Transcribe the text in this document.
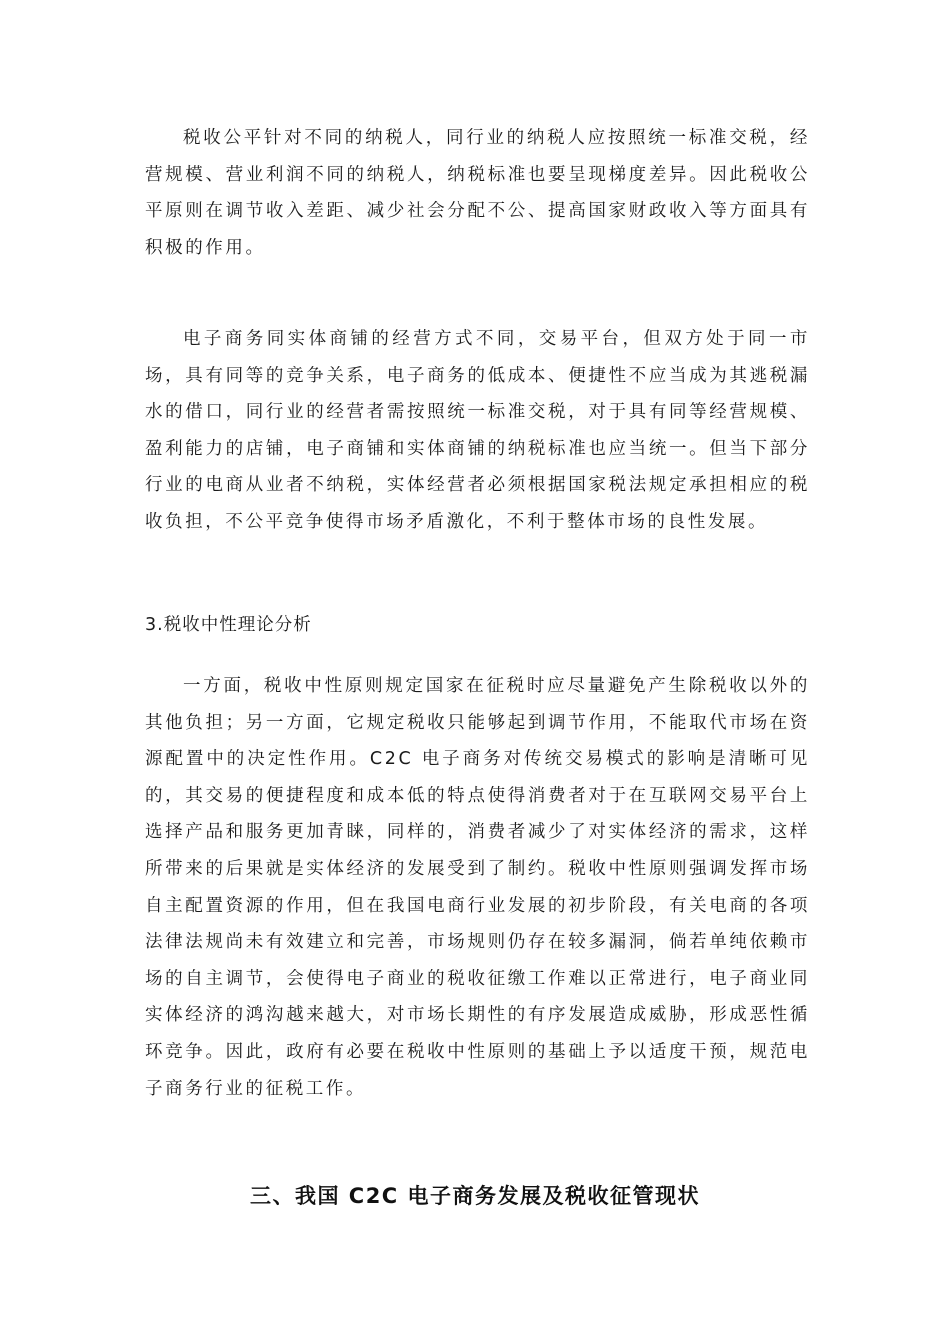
税收公平针对不同的纳税人，同行业的纳税人应按照统一标准交税，经营规模、营业利润不同的纳税人，纳税标准也要呈现梯度差异。因此税收公平原则在调节收入差距、减少社会分配不公、提高国家财政收入等方面具有积极的作用。

电子商务同实体商铺的经营方式不同，交易平台，但双方处于同一市场，具有同等的竞争关系，电子商务的低成本、便捷性不应当成为其逃税漏水的借口，同行业的经营者需按照统一标准交税，对于具有同等经营规模、盈利能力的店铺，电子商铺和实体商铺的纳税标准也应当统一。但当下部分行业的电商从业者不纳税，实体经营者必须根据国家税法规定承担相应的税收负担，不公平竞争使得市场矛盾激化，不利于整体市场的良性发展。

3.税收中性理论分析

一方面，税收中性原则规定国家在征税时应尽量避免产生除税收以外的其他负担；另一方面，它规定税收只能够起到调节作用，不能取代市场在资源配置中的决定性作用。C2C 电子商务对传统交易模式的影响是清晰可见的，其交易的便捷程度和成本低的特点使得消费者对于在互联网交易平台上选择产品和服务更加青睐，同样的，消费者减少了对实体经济的需求，这样所带来的后果就是实体经济的发展受到了制约。税收中性原则强调发挥市场自主配置资源的作用，但在我国电商行业发展的初步阶段，有关电商的各项法律法规尚未有效建立和完善，市场规则仍存在较多漏洞，倘若单纯依赖市场的自主调节，会使得电子商业的税收征缴工作难以正常进行，电子商业同实体经济的鸿沟越来越大，对市场长期性的有序发展造成威胁，形成恶性循环竞争。因此，政府有必要在税收中性原则的基础上予以适度干预，规范电子商务行业的征税工作。

三、我国 C2C 电子商务发展及税收征管现状
